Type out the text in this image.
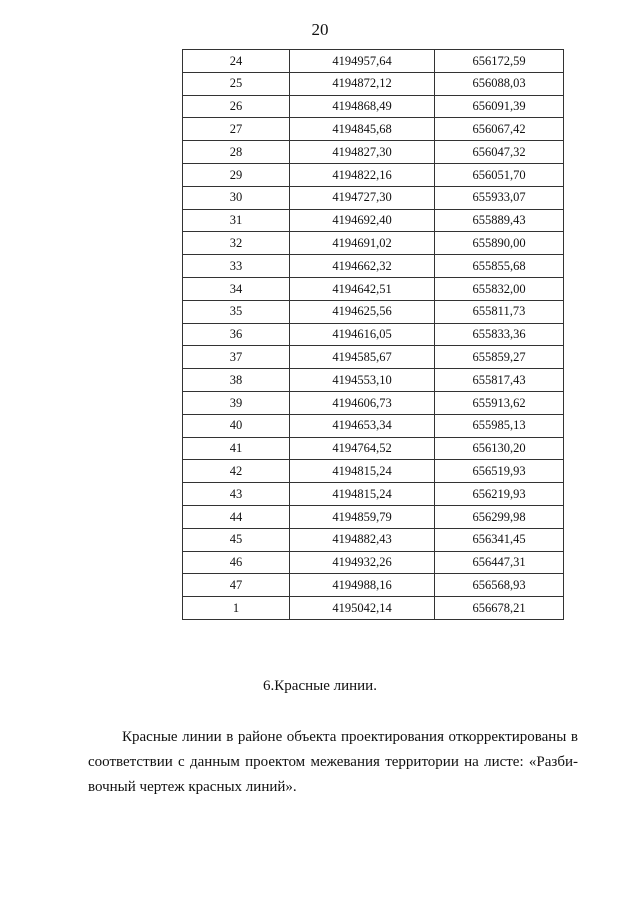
20
24	4194957,64	656172,59
25	4194872,12	656088,03
26	4194868,49	656091,39
27	4194845,68	656067,42
28	4194827,30	656047,32
29	4194822,16	656051,70
30	4194727,30	655933,07
31	4194692,40	655889,43
32	4194691,02	655890,00
33	4194662,32	655855,68
34	4194642,51	655832,00
35	4194625,56	655811,73
36	4194616,05	655833,36
37	4194585,67	655859,27
38	4194553,10	655817,43
39	4194606,73	655913,62
40	4194653,34	655985,13
41	4194764,52	656130,20
42	4194815,24	656519,93
43	4194815,24	656219,93
44	4194859,79	656299,98
45	4194882,43	656341,45
46	4194932,26	656447,31
47	4194988,16	656568,93
1	4195042,14	656678,21
6.Красные линии.

Красные линии в районе объекта проектирования откорректированы в соответствии с данным проектом межевания территории на листе: «Разби-вочный чертеж красных линий».
